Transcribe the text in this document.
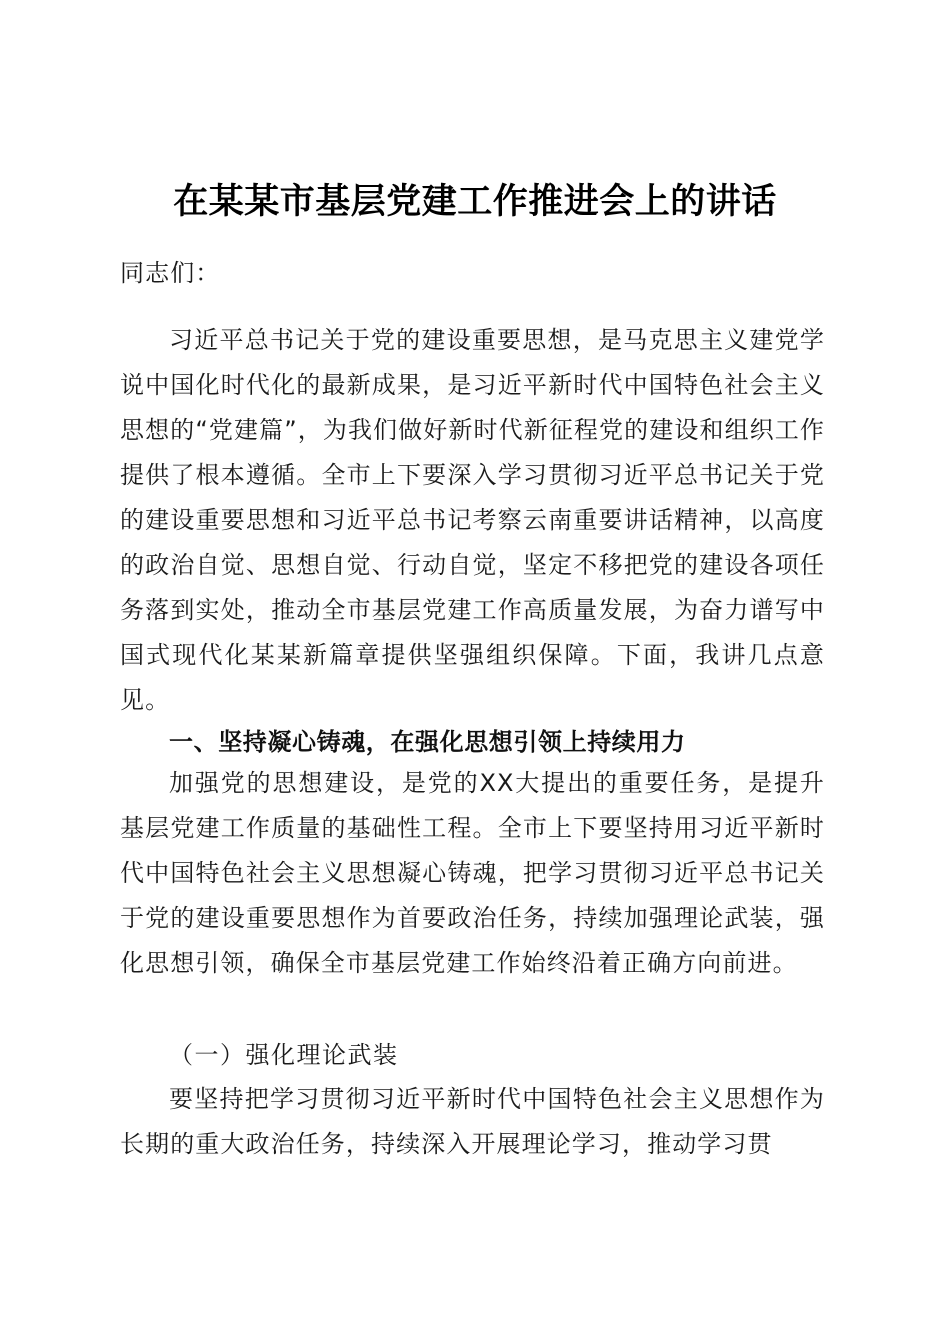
在某某市基层党建工作推进会上的讲话
同志们：
习近平总书记关于党的建设重要思想，是马克思主义建党学说中国化时代化的最新成果，是习近平新时代中国特色社会主义思想的“党建篇”，为我们做好新时代新征程党的建设和组织工作提供了根本遵循。全市上下要深入学习贯彻习近平总书记关于党的建设重要思想和习近平总书记考察云南重要讲话精神，以高度的政治自觉、思想自觉、行动自觉，坚定不移把党的建设各项任务落到实处，推动全市基层党建工作高质量发展，为奋力谱写中国式现代化某某新篇章提供坚强组织保障。下面，我讲几点意见。
一、坚持凝心铸魂，在强化思想引领上持续用力
加强党的思想建设，是党的XX大提出的重要任务，是提升基层党建工作质量的基础性工程。全市上下要坚持用习近平新时代中国特色社会主义思想凝心铸魂，把学习贯彻习近平总书记关于党的建设重要思想作为首要政治任务，持续加强理论武装，强化思想引领，确保全市基层党建工作始终沿着正确方向前进。
（一）强化理论武装
要坚持把学习贯彻习近平新时代中国特色社会主义思想作为长期的重大政治任务，持续深入开展理论学习，推动学习贯
